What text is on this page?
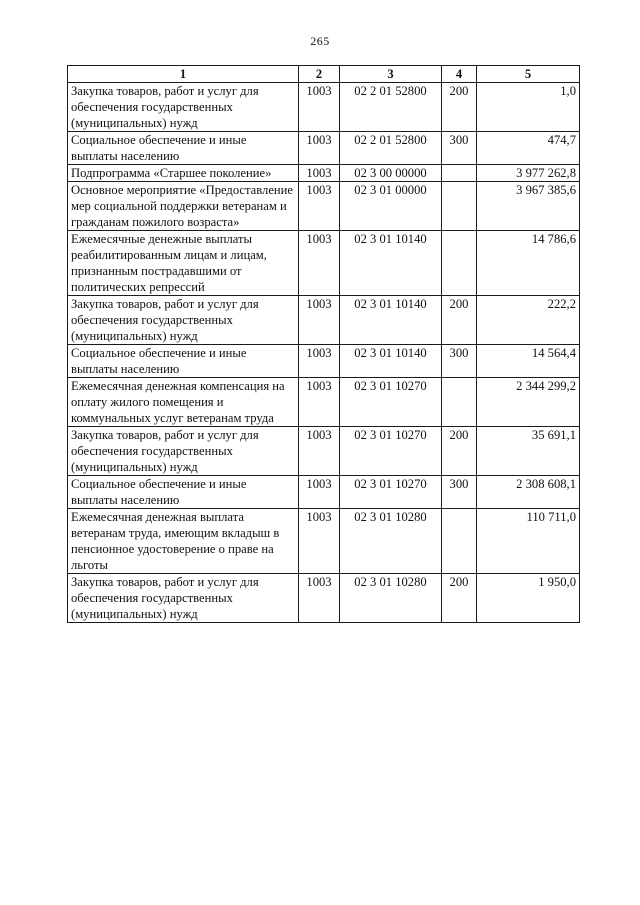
265
1	2	3	4	5
Закупка товаров, работ и услуг для обеспечения государственных (муниципальных) нужд	1003	02 2 01 52800	200	1,0
Социальное обеспечение и иные выплаты населению	1003	02 2 01 52800	300	474,7
Подпрограмма «Старшее поколение»	1003	02 3 00 00000		3 977 262,8
Основное мероприятие «Предоставление мер социальной поддержки ветеранам и гражданам пожилого возраста»	1003	02 3 01 00000		3 967 385,6
Ежемесячные денежные выплаты реабилитированным лицам и лицам, признанным пострадавшими от политических репрессий	1003	02 3 01 10140		14 786,6
Закупка товаров, работ и услуг для обеспечения государственных (муниципальных) нужд	1003	02 3 01 10140	200	222,2
Социальное обеспечение и иные выплаты населению	1003	02 3 01 10140	300	14 564,4
Ежемесячная денежная компенсация на оплату жилого помещения и коммунальных услуг ветеранам труда	1003	02 3 01 10270		2 344 299,2
Закупка товаров, работ и услуг для обеспечения государственных (муниципальных) нужд	1003	02 3 01 10270	200	35 691,1
Социальное обеспечение и иные выплаты населению	1003	02 3 01 10270	300	2 308 608,1
Ежемесячная денежная выплата ветеранам труда, имеющим вкладыш в пенсионное удостоверение о праве на льготы	1003	02 3 01 10280		110 711,0
Закупка товаров, работ и услуг для обеспечения государственных (муниципальных) нужд	1003	02 3 01 10280	200	1 950,0
